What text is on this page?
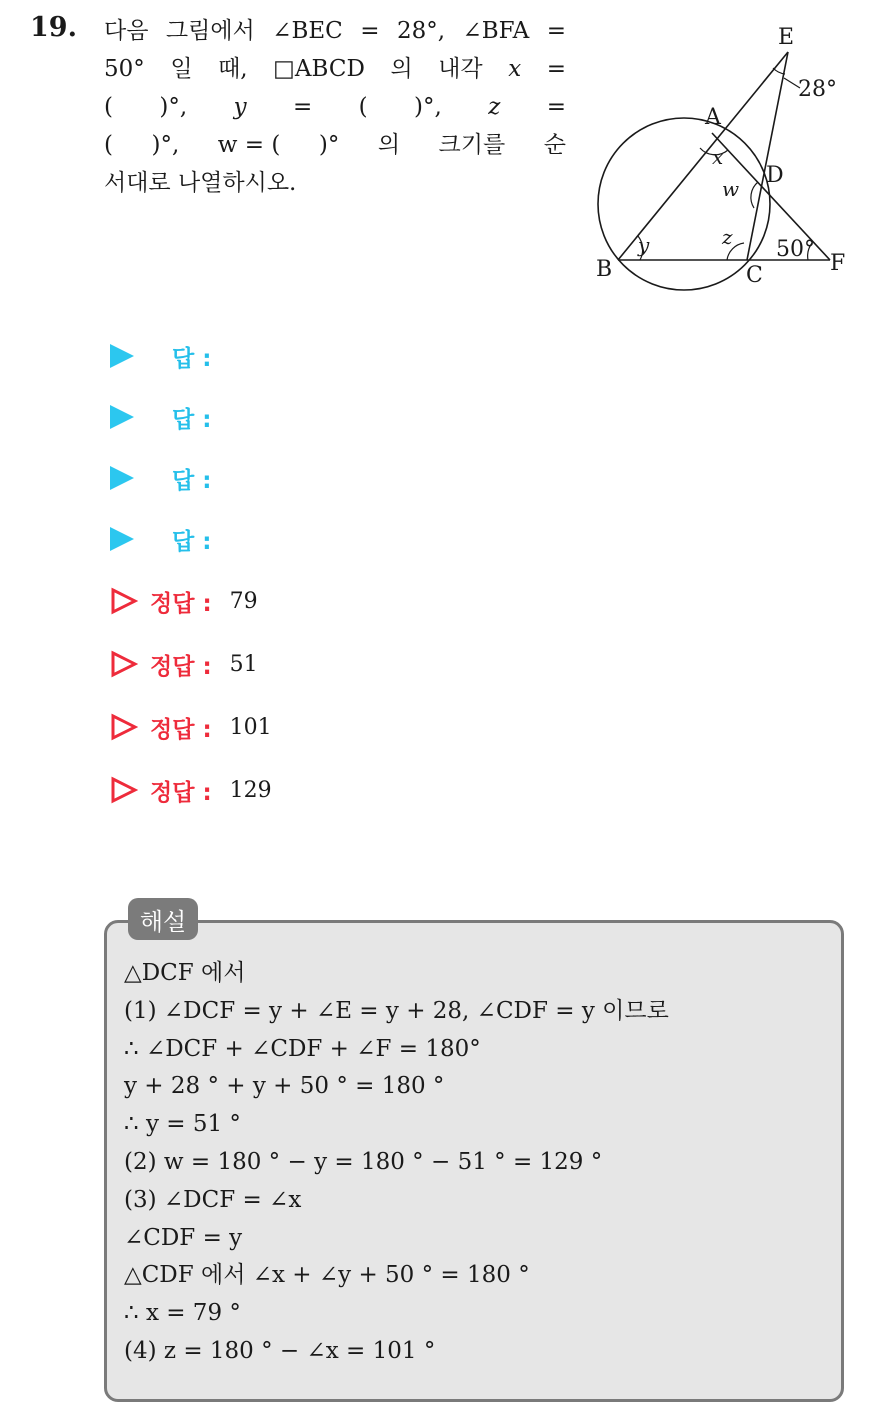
19. 다음 그림에서 ∠BEC = 28°, ∠BFA =
50° 일 때, □ABCD 의 내각 x =
( )°, y = ( )°, z =
( )°, w = ( )° 의 크기를 순
서대로 나열하시오.
E
A
D
B	C	F
28°
50°
x
y	z
w
답 :
답 :
답 :
답 :
정답 : 79
정답 : 51
정답 : 101
정답 : 129
해설
△DCF 에서
(1) ∠DCF = y + ∠E = y + 28, ∠CDF = y 이므로
∴ ∠DCF + ∠CDF + ∠F = 180°
y + 28 ° + y + 50 ° = 180 °
∴ y = 51 °
(2) w = 180 ° − y = 180 ° − 51 ° = 129 °
(3) ∠DCF = ∠x
∠CDF = y
△CDF 에서 ∠x + ∠y + 50 ° = 180 °
∴ x = 79 °
(4) z = 180 ° − ∠x = 101 °
